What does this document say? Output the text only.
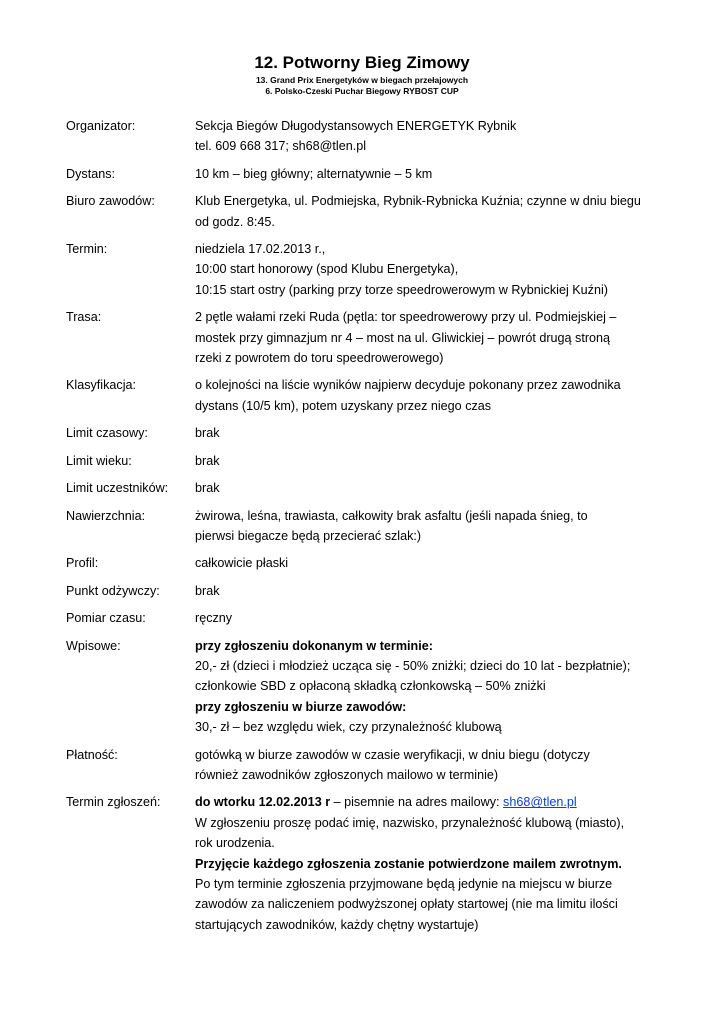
12. Potworny Bieg Zimowy
13. Grand Prix Energetyków w biegach przełajowych
6. Polsko-Czeski Puchar Biegowy RYBOST CUP
Organizator:	Sekcja Biegów Długodystansowych ENERGETYK Rybnik
tel. 609 668 317; sh68@tlen.pl
Dystans:	10 km – bieg główny; alternatywnie – 5 km
Biuro zawodów:	Klub Energetyka, ul. Podmiejska, Rybnik-Rybnicka Kuźnia; czynne w dniu biegu
od godz. 8:45.
Termin:	niedziela 17.02.2013 r.,
10:00 start honorowy (spod Klubu Energetyka),
10:15 start ostry (parking przy torze speedrowerowym w Rybnickiej Kuźni)
Trasa:	2 pętle wałami rzeki Ruda (pętla: tor speedrowerowy przy ul. Podmiejskiej –
mostek przy gimnazjum nr 4 – most na ul. Gliwickiej – powrót drugą stroną
rzeki z powrotem do toru speedrowerowego)
Klasyfikacja:	o kolejności na liście wyników najpierw decyduje pokonany przez zawodnika
dystans (10/5 km), potem uzyskany przez niego czas
Limit czasowy:	brak
Limit wieku:	brak
Limit uczestników:	brak
Nawierzchnia:	żwirowa, leśna, trawiasta, całkowity brak asfaltu (jeśli napada śnieg, to
pierwsi biegacze będą przecierać szlak:)
Profil:	całkowicie płaski
Punkt odżywczy:	brak
Pomiar czasu:	ręczny
Wpisowe:	przy zgłoszeniu dokonanym w terminie:
20,- zł (dzieci i młodzież ucząca się - 50% zniżki; dzieci do 10 lat - bezpłatnie);
członkowie SBD z opłaconą składką członkowską – 50% zniżki
przy zgłoszeniu w biurze zawodów:
30,- zł – bez względu wiek, czy przynależność klubową
Płatność:	gotówką w biurze zawodów w czasie weryfikacji, w dniu biegu (dotyczy
również zawodników zgłoszonych mailowo w terminie)
Termin zgłoszeń:	do wtorku 12.02.2013 r – pisemnie na adres mailowy: sh68@tlen.pl
W zgłoszeniu proszę podać imię, nazwisko, przynależność klubową (miasto),
rok urodzenia.
Przyjęcie każdego zgłoszenia zostanie potwierdzone mailem zwrotnym.
Po tym terminie zgłoszenia przyjmowane będą jedynie na miejscu w biurze
zawodów za naliczeniem podwyższonej opłaty startowej (nie ma limitu ilości
startujących zawodników, każdy chętny wystartuje)
